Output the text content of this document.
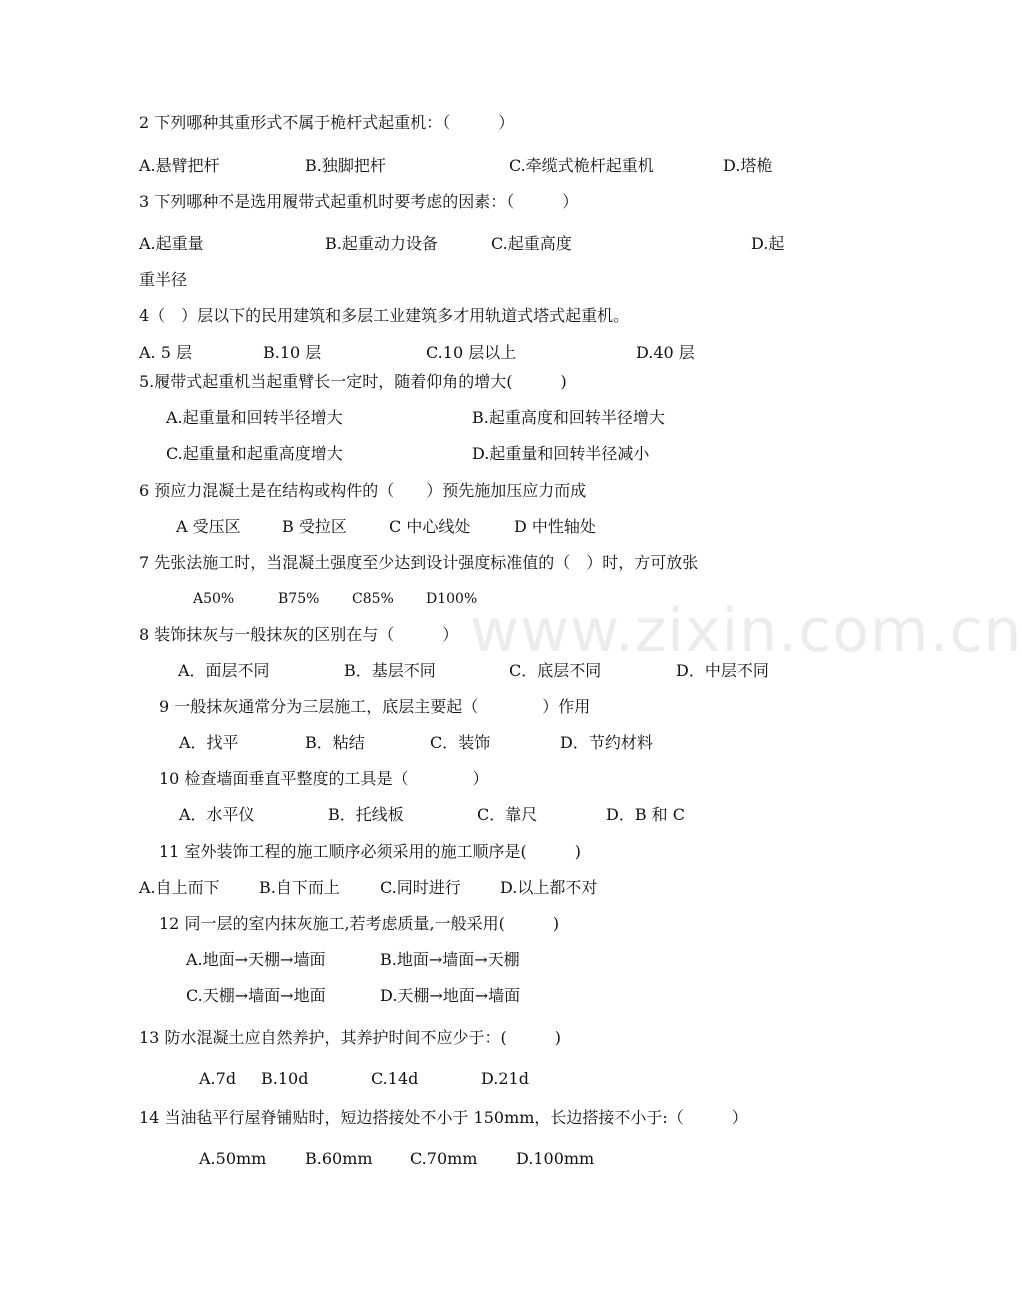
www.zixin.com.cn
2 下列哪种其重形式不属于桅杆式起重机：（　　　）
A.悬臂把杆	B.独脚把杆	C.牵缆式桅杆起重机	D.塔桅
3 下列哪种不是选用履带式起重机时要考虑的因素：（　　　）
A.起重量	B.起重动力设备	C.起重高度	D.起
重半径
4（　）层以下的民用建筑和多层工业建筑多才用轨道式塔式起重机。
A. 5 层	B.10 层	C.10 层以上	D.40 层
5.履带式起重机当起重臂长一定时，随着仰角的增大(　　　)
A.起重量和回转半径增大	B.起重高度和回转半径增大
C.起重量和起重高度增大	D.起重量和回转半径减小
6 预应力混凝土是在结构或构件的（　　）预先施加压应力而成
A 受压区	B 受拉区	C 中心线处	D 中性轴处
7 先张法施工时，当混凝土强度至少达到设计强度标准值的（　）时，方可放张
A50%	B75% C85% D100%
8 装饰抹灰与一般抹灰的区别在与（　　　）
A．面层不同	B．基层不同	C．底层不同	D．中层不同
9 一般抹灰通常分为三层施工，底层主要起（　　　　）作用
A．找平	B．粘结	C．装饰	D．节约材料
10 检查墙面垂直平整度的工具是（　　　　）
A．水平仪	B．托线板	C．靠尺	D．B 和 C
11 室外装饰工程的施工顺序必须采用的施工顺序是(　　　)
A.自上而下 B.自下而上	C.同时进行 D.以上都不对
12 同一层的室内抹灰施工,若考虑质量,一般采用(　　　)
A.地面→天棚→墙面	B.地面→墙面→天棚
C.天棚→墙面→地面	D.天棚→地面→墙面
13 防水混凝土应自然养护，其养护时间不应少于：(　　　)
A.7d B.10d	C.14d	D.21d
14 当油毡平行屋脊铺贴时，短边搭接处不小于 150mm，长边搭接不小于:（　　　）
A.50mm B.60mm C.70mm D.100mm
